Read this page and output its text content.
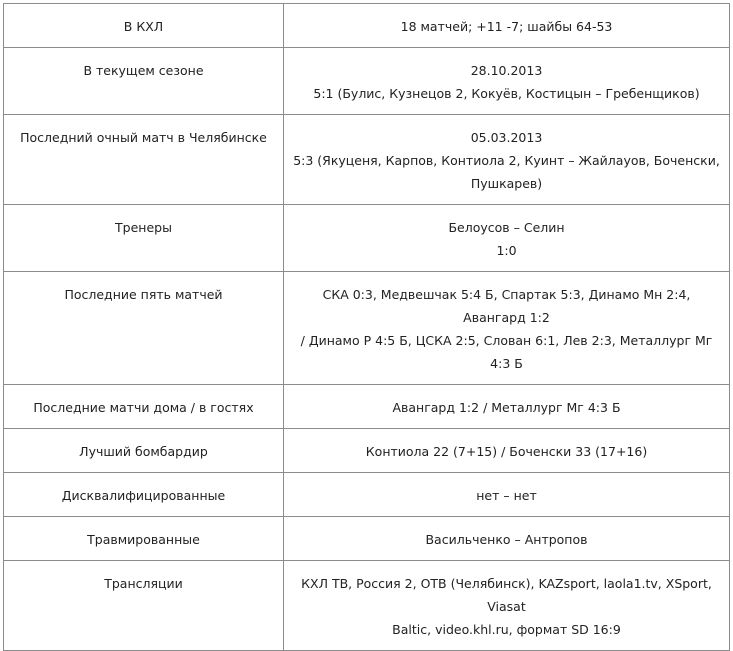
В КХЛ	18 матчей; +11 -7; шайбы 64-53

В текущем сезоне	28.10.2013
5:1 (Булис, Кузнецов 2, Кокуёв, Костицын – Гребенщиков)

Последний очный матч в Челябинске	05.03.2013
5:3 (Якуценя, Карпов, Контиола 2, Куинт – Жайлауов, Боченски,
Пушкарев)

Тренеры	Белоусов – Селин
1:0

Последние пять матчей	СКА 0:3, Медвешчак 5:4 Б, Спартак 5:3, Динамо Мн 2:4, Авангард 1:2
/ Динамо Р 4:5 Б, ЦСКА 2:5, Слован 6:1, Лев 2:3, Металлург Мг 4:3 Б

Последние матчи дома / в гостях	Авангард 1:2 / Металлург Мг 4:3 Б

Лучший бомбардир	Контиола 22 (7+15) / Боченски 33 (17+16)

Дисквалифицированные	нет – нет

Травмированные	Васильченко – Антропов

Трансляции	КХЛ ТВ, Россия 2, ОТВ (Челябинск), KAZsport, laola1.tv, XSport, Viasat
Baltic, video.khl.ru, формат SD 16:9
